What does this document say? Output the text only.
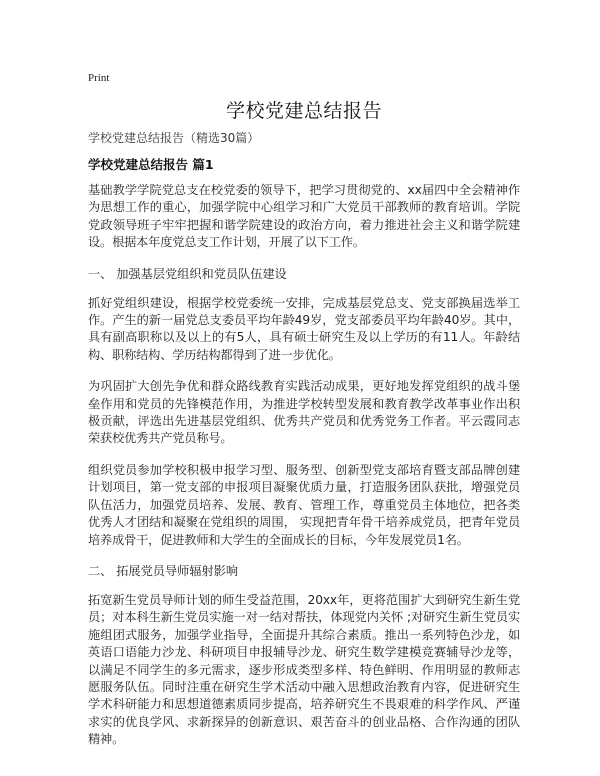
Print
学校党建总结报告
学校党建总结报告（精选30篇）
学校党建总结报告 篇1

基础教学学院党总支在校党委的领导下，把学习贯彻党的、xx届四中全会精神作为思想工作的重心，加强学院中心组学习和广大党员干部教师的教育培训。学院党政领导班子牢牢把握和谐学院建设的政治方向，着力推进社会主义和谐学院建设。根据本年度党总支工作计划，开展了以下工作。

一、 加强基层党组织和党员队伍建设

抓好党组织建设，根据学校党委统一安排，完成基层党总支、党支部换届选举工作。产生的新一届党总支委员平均年龄49岁，党支部委员平均年龄40岁。其中，具有副高职称以及以上的有5人，具有硕士研究生及以上学历的有11人。年龄结构、职称结构、学历结构都得到了进一步优化。

为巩固扩大创先争优和群众路线教育实践活动成果，更好地发挥党组织的战斗堡垒作用和党员的先锋模范作用，为推进学校转型发展和教育教学改革事业作出积极贡献，评选出先进基层党组织、优秀共产党员和优秀党务工作者。平云霞同志荣获校优秀共产党员称号。

组织党员参加学校积极申报学习型、服务型、创新型党支部培育暨支部品牌创建计划项目，第一党支部的申报项目凝聚优质力量，打造服务团队获批，增强党员队伍活力，加强党员培养、发展、教育、管理工作，尊重党员主体地位，把各类优秀人才团结和凝聚在党组织的周围， 实现把青年骨干培养成党员，把青年党员培养成骨干，促进教师和大学生的全面成长的目标，今年发展党员1名。

二、 拓展党员导师辐射影响

拓宽新生党员导师计划的师生受益范围，20xx年，更将范围扩大到研究生新生党员；对本科生新生党员实施一对一结对帮扶，体现党内关怀 ;对研究生新生党员实施组团式服务，加强学业指导，全面提升其综合素质。推出一系列特色沙龙，如英语口语能力沙龙、科研项目申报辅导沙龙、研究生数学建模竞赛辅导沙龙等，以满足不同学生的多元需求，逐步形成类型多样、特色鲜明、作用明显的教师志愿服务队伍。同时注重在研究生学术活动中融入思想政治教育内容，促进研究生学术科研能力和思想道德素质同步提高，培养研究生不畏艰难的科学作风、严谨求实的优良学风、求新探异的创新意识、艰苦奋斗的创业品格、合作沟通的团队精神。
